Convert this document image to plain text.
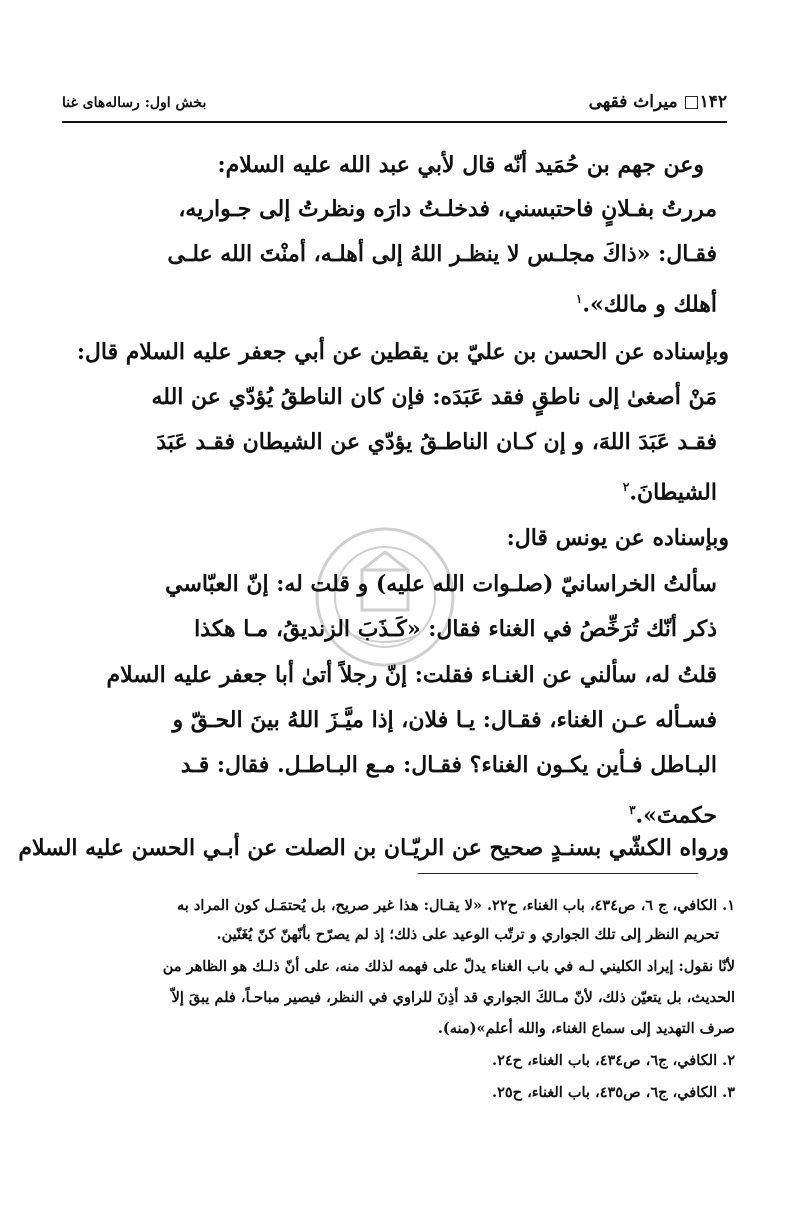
۱۴۲□ میراث فقهی
بخش اول: رساله‌های غنا
وعن جهم بن حُمَيد أنّه قال لأبي عبد الله عليه السلام:
مررتُ بفـلانٍ فاحتبسني، فدخلـتُ دارَه ونظرتُ إلى جـواريه،
فقـال: «ذاكَ مجلـس لا ينظـر اللهُ إلى أهلـه، أمنْتَ الله علـى
أهلك و مالك».$^۱$
وبإسناده عن الحسن بن عليّ بن يقطين عن أبي جعفر عليه السلام قال:
مَنْ أصغىٰ إلى ناطقٍ فقد عَبَدَه: فإن كان الناطقُ يُؤدّي عن الله
فقـد عَبَدَ اللهَ، و إن كـان الناطـقُ يؤدّي عن الشيطان فقـد عَبَدَ
الشيطانَ.$^۲$
وبإسناده عن يونس قال:
سألتُ الخراسانيّ (صلـوات الله عليه) و قلت له: إنّ العبّاسي
ذكر أنّك تُرَخِّصُ في الغناء فقال: «كَـذَبَ الزنديقُ، مـا هكذا
قلتُ له، سألني عن الغنـاء فقلت: إنّ رجلاً أتىٰ أبا جعفر عليه السلام
فسـأله عـن الغناء، فقـال: يـا فلان، إذا ميَّـزَ اللهُ بينَ الحـقّ و
البـاطل فـأين يكـون الغناء؟ فقـال: مـع البـاطـل. فقال: قـد
حكمتَ».$^۳$
ورواه الكشّي بسنـدٍ صحيح عن الريّـان بن الصلت عن أبـي الحسن عليه السلام
۱. الكافي، ج ٦، ص٤٣٤، باب الغناء، ح٢٢. «لا يقـال: هذا غير صريح، بل يُحتمَـل كون المراد به
تحريم النظر إلى تلك الجواري و ترتّب الوعيد على ذلك؛ إذ لم يصرّح بأنّهنّ كنّ يُغَنّين.
لأنّا نقول: إيراد الكليني لـه في باب الغناء يدلّ على فهمه لذلك منه، على أنّ ذلـك هو الظاهر من
الحديث، بل يتعيّن ذلك، لأنّ مـالكَ الجواري قد أذِنَ للراوي في النظر، فيصير مباحـاً، فلم يبقَ إلاّ
صرف التهديد إلى سماع الغناء، والله أعلم»(منه).
۲. الكافي، ج٦، ص٤٣٤، باب الغناء، ح٢٤.
۳. الكافي، ج٦، ص٤٣٥، باب الغناء، ح٢٥.
